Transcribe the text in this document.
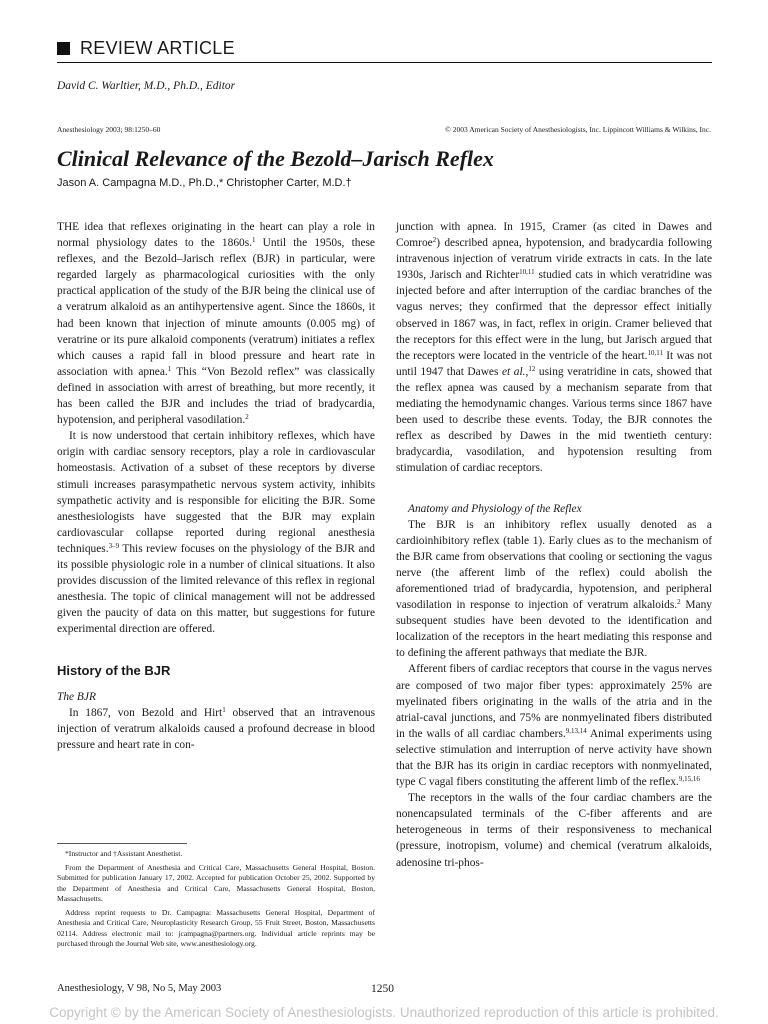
REVIEW ARTICLE
David C. Warltier, M.D., Ph.D., Editor
Anesthesiology 2003; 98:1250–60	© 2003 American Society of Anesthesiologists, Inc. Lippincott Williams & Wilkins, Inc.
Clinical Relevance of the Bezold–Jarisch Reflex
Jason A. Campagna M.D., Ph.D.,* Christopher Carter, M.D.†

THE idea that reflexes originating in the heart can play a role in normal physiology dates to the 1860s.$^1$ Until the 1950s, these reflexes, and the Bezold–Jarisch reflex (BJR) in particular, were regarded largely as pharmacological curiosities with the only practical application of the study of the BJR being the clinical use of a veratrum alkaloid as an antihypertensive agent. Since the 1860s, it had been known that injection of minute amounts (0.005 mg) of veratrine or its pure alkaloid components (veratrum) initiates a reflex which causes a rapid fall in blood pressure and heart rate in association with apnea.$^1$ This “Von Bezold reflex” was classically defined in association with arrest of breathing, but more recently, it has been called the BJR and includes the triad of bradycardia, hypotension, and peripheral vasodilation.$^2$

It is now understood that certain inhibitory reflexes, which have origin with cardiac sensory receptors, play a role in cardiovascular homeostasis. Activation of a subset of these receptors by diverse stimuli increases parasympathetic nervous system activity, inhibits sympathetic activity and is responsible for eliciting the BJR. Some anesthesiologists have suggested that the BJR may explain cardiovascular collapse reported during regional anesthesia techniques.$^{3-9}$ This review focuses on the physiology of the BJR and its possible physiologic role in a number of clinical situations. It also provides discussion of the limited relevance of this reflex in regional anesthesia. The topic of clinical management will not be addressed given the paucity of data on this matter, but suggestions for future experimental direction are offered.

History of the BJR

The BJR

In 1867, von Bezold and Hirt$^1$ observed that an intravenous injection of veratrum alkaloids caused a profound decrease in blood pressure and heart rate in con-

*Instructor and †Assistant Anesthetist.

From the Department of Anesthesia and Critical Care, Massachusetts General Hospital, Boston. Submitted for publication January 17, 2002. Accepted for publication October 25, 2002. Supported by the Department of Anesthesia and Critical Care, Massachusetts General Hospital, Boston, Massachusetts.

Address reprint requests to Dr. Campagna: Massachusetts General Hospital, Department of Anesthesia and Critical Care, Neuroplasticity Research Group, 55 Fruit Street, Boston, Massachusetts 02114. Address electronic mail to: jcampagna@partners.org. Individual article reprints may be purchased through the Journal Web site, www.anesthesiology.org.

junction with apnea. In 1915, Cramer (as cited in Dawes and Comroe$^2$) described apnea, hypotension, and bradycardia following intravenous injection of veratrum viride extracts in cats. In the late 1930s, Jarisch and Richter$^{10,11}$ studied cats in which veratridine was injected before and after interruption of the cardiac branches of the vagus nerves; they confirmed that the depressor effect initially observed in 1867 was, in fact, reflex in origin. Cramer believed that the receptors for this effect were in the lung, but Jarisch argued that the receptors were located in the ventricle of the heart.$^{10,11}$ It was not until 1947 that Dawes et al.,$^{12}$ using veratridine in cats, showed that the reflex apnea was caused by a mechanism separate from that mediating the hemodynamic changes. Various terms since 1867 have been used to describe these events. Today, the BJR connotes the reflex as described by Dawes in the mid twentieth century: bradycardia, vasodilation, and hypotension resulting from stimulation of cardiac receptors.

Anatomy and Physiology of the Reflex

The BJR is an inhibitory reflex usually denoted as a cardioinhibitory reflex (table 1). Early clues as to the mechanism of the BJR came from observations that cooling or sectioning the vagus nerve (the afferent limb of the reflex) could abolish the aforementioned triad of bradycardia, hypotension, and peripheral vasodilation in response to injection of veratrum alkaloids.$^2$ Many subsequent studies have been devoted to the identification and localization of the receptors in the heart mediating this response and to defining the afferent pathways that mediate the BJR.

Afferent fibers of cardiac receptors that course in the vagus nerves are composed of two major fiber types: approximately 25% are myelinated fibers originating in the walls of the atria and in the atrial-caval junctions, and 75% are nonmyelinated fibers distributed in the walls of all cardiac chambers.$^{9,13,14}$ Animal experiments using selective stimulation and interruption of nerve activity have shown that the BJR has its origin in cardiac receptors with nonmyelinated, type C vagal fibers constituting the afferent limb of the reflex.$^{9,15,16}$

The receptors in the walls of the four cardiac chambers are the nonencapsulated terminals of the C-fiber afferents and are heterogeneous in terms of their responsiveness to mechanical (pressure, inotropism, volume) and chemical (veratrum alkaloids, adenosine tri-phos-

Anesthesiology, V 98, No 5, May 2003	1250
Copyright © by the American Society of Anesthesiologists. Unauthorized reproduction of this article is prohibited.
